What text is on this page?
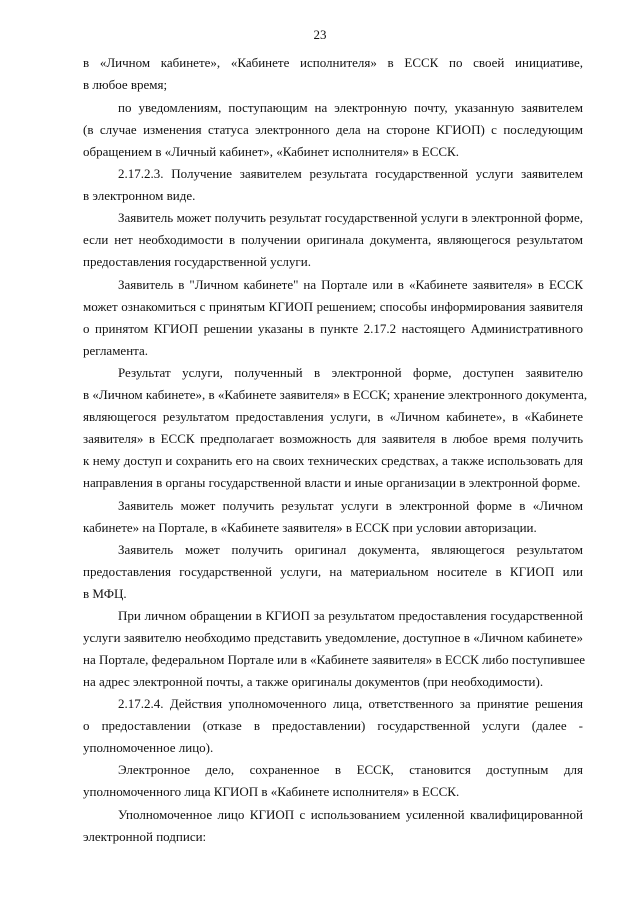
23

в «Личном кабинете», «Кабинете исполнителя» в ЕССК по своей инициативе,

в любое время;

по уведомлениям, поступающим на электронную почту, указанную заявителем

(в случае изменения статуса электронного дела на стороне КГИОП) с последующим

обращением в «Личный кабинет», «Кабинет исполнителя» в ЕССК.

2.17.2.3. Получение заявителем результата государственной услуги заявителем

в электронном виде.

Заявитель может получить результат государственной услуги в электронной форме,

если нет необходимости в получении оригинала документа, являющегося результатом

предоставления государственной услуги.

Заявитель в "Личном кабинете" на Портале или в «Кабинете заявителя» в ЕССК

может ознакомиться с принятым КГИОП решением; способы информирования заявителя

о принятом КГИОП решении указаны в пункте 2.17.2 настоящего Административного

регламента.

Результат услуги, полученный в электронной форме, доступен заявителю

в «Личном кабинете», в «Кабинете заявителя» в ЕССК; хранение электронного документа,

являющегося результатом предоставления услуги, в «Личном кабинете», в «Кабинете

заявителя» в ЕССК предполагает возможность для заявителя в любое время получить

к нему доступ и сохранить его на своих технических средствах, а также использовать для

направления в органы государственной власти и иные организации в электронной форме.

Заявитель может получить результат услуги в электронной форме в «Личном

кабинете» на Портале, в «Кабинете заявителя» в ЕССК при условии авторизации.

Заявитель может получить оригинал документа, являющегося результатом

предоставления государственной услуги, на материальном носителе в КГИОП или

в МФЦ.

При личном обращении в КГИОП за результатом предоставления государственной

услуги заявителю необходимо представить уведомление, доступное в «Личном кабинете»

на Портале, федеральном Портале или в «Кабинете заявителя» в ЕССК либо поступившее

на адрес электронной почты, а также оригиналы документов (при необходимости).

2.17.2.4. Действия уполномоченного лица, ответственного за принятие решения

о предоставлении (отказе в предоставлении) государственной услуги (далее -

уполномоченное лицо).

Электронное дело, сохраненное в ЕССК, становится доступным для

уполномоченного лица КГИОП в «Кабинете исполнителя» в ЕССК.

Уполномоченное лицо КГИОП с использованием усиленной квалифицированной

электронной подписи:
